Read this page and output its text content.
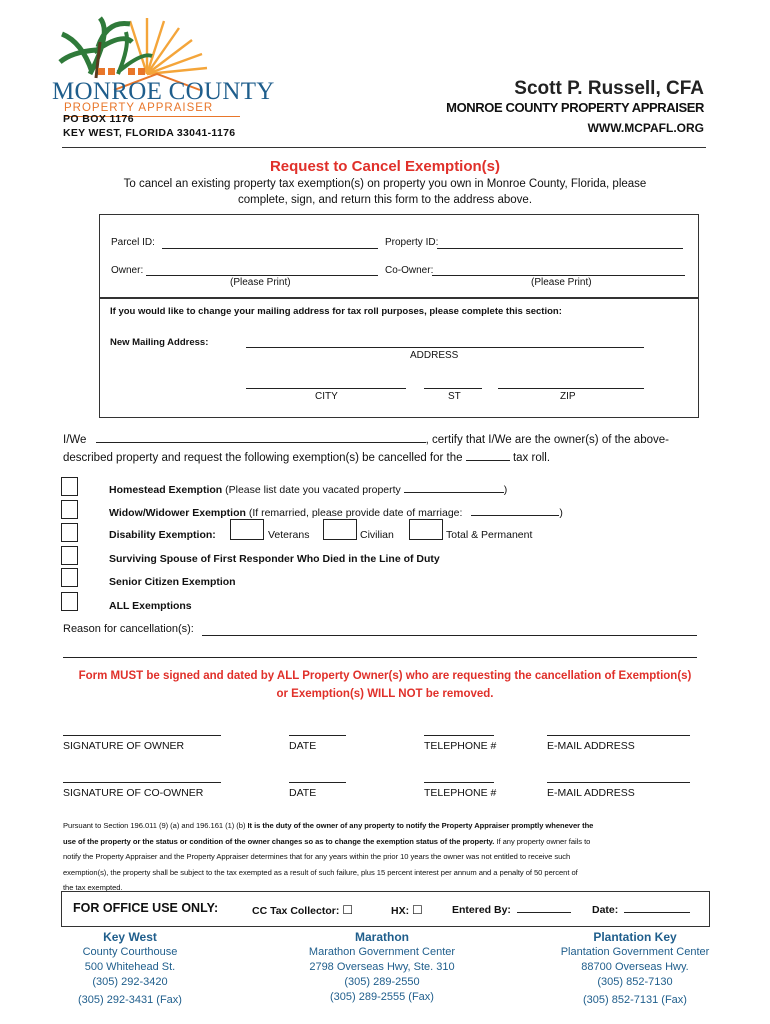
MONROE COUNTY
PROPERTY APPRAISER
PO BOX 1176
KEY WEST, FLORIDA 33041-1176
Scott P. Russell, CFA
MONROE COUNTY PROPERTY APPRAISER
WWW.MCPAFL.ORG
Request to Cancel Exemption(s)
To cancel an existing property tax exemption(s) on property you own in Monroe County, Florida, please
complete, sign, and return this form to the address above.
Parcel ID:	Property ID:
Owner:	Co-Owner:
(Please Print)	(Please Print)
If you would like to change your mailing address for tax roll purposes, please complete this section:
New Mailing Address:
ADDRESS
CITY	ST	ZIP
I/We	, certify that I/We are the owner(s) of the above-
described property and request the following exemption(s) be cancelled for the	tax roll.
Homestead Exemption (Please list date you vacated property	)
Widow/Widower Exemption (If remarried, please provide date of marriage:	)
Disability Exemption:	Veterans	Civilian	Total & Permanent
Surviving Spouse of First Responder Who Died in the Line of Duty
Senior Citizen Exemption
ALL Exemptions
Reason for cancellation(s):
Form MUST be signed and dated by ALL Property Owner(s) who are requesting the cancellation of Exemption(s)
or Exemption(s) WILL NOT be removed.
SIGNATURE OF OWNER	DATE	TELEPHONE #	E-MAIL ADDRESS
SIGNATURE OF CO-OWNER	DATE	TELEPHONE #	E-MAIL ADDRESS
Pursuant to Section 196.011 (9) (a) and 196.161 (1) (b) It is the duty of the owner of any property to notify the Property Appraiser promptly whenever the
use of the property or the status or condition of the owner changes so as to change the exemption status of the property. If any property owner fails to
notify the Property Appraiser and the Property Appraiser determines that for any years within the prior 10 years the owner was not entitled to receive such
exemption(s), the property shall be subject to the tax exempted as a result of such failure, plus 15 percent interest per annum and a penalty of 50 percent of
the tax exempted.
FOR OFFICE USE ONLY:	CC Tax Collector: ☐	HX: ☐	Entered By:	Date:
Key West
County Courthouse
500 Whitehead St.
(305) 292-3420
(305) 292-3431 (Fax)
Marathon
Marathon Government Center
2798 Overseas Hwy, Ste. 310
(305) 289-2550
(305) 289-2555 (Fax)
Plantation Key
Plantation Government Center
88700 Overseas Hwy.
(305) 852-7130
(305) 852-7131 (Fax)
